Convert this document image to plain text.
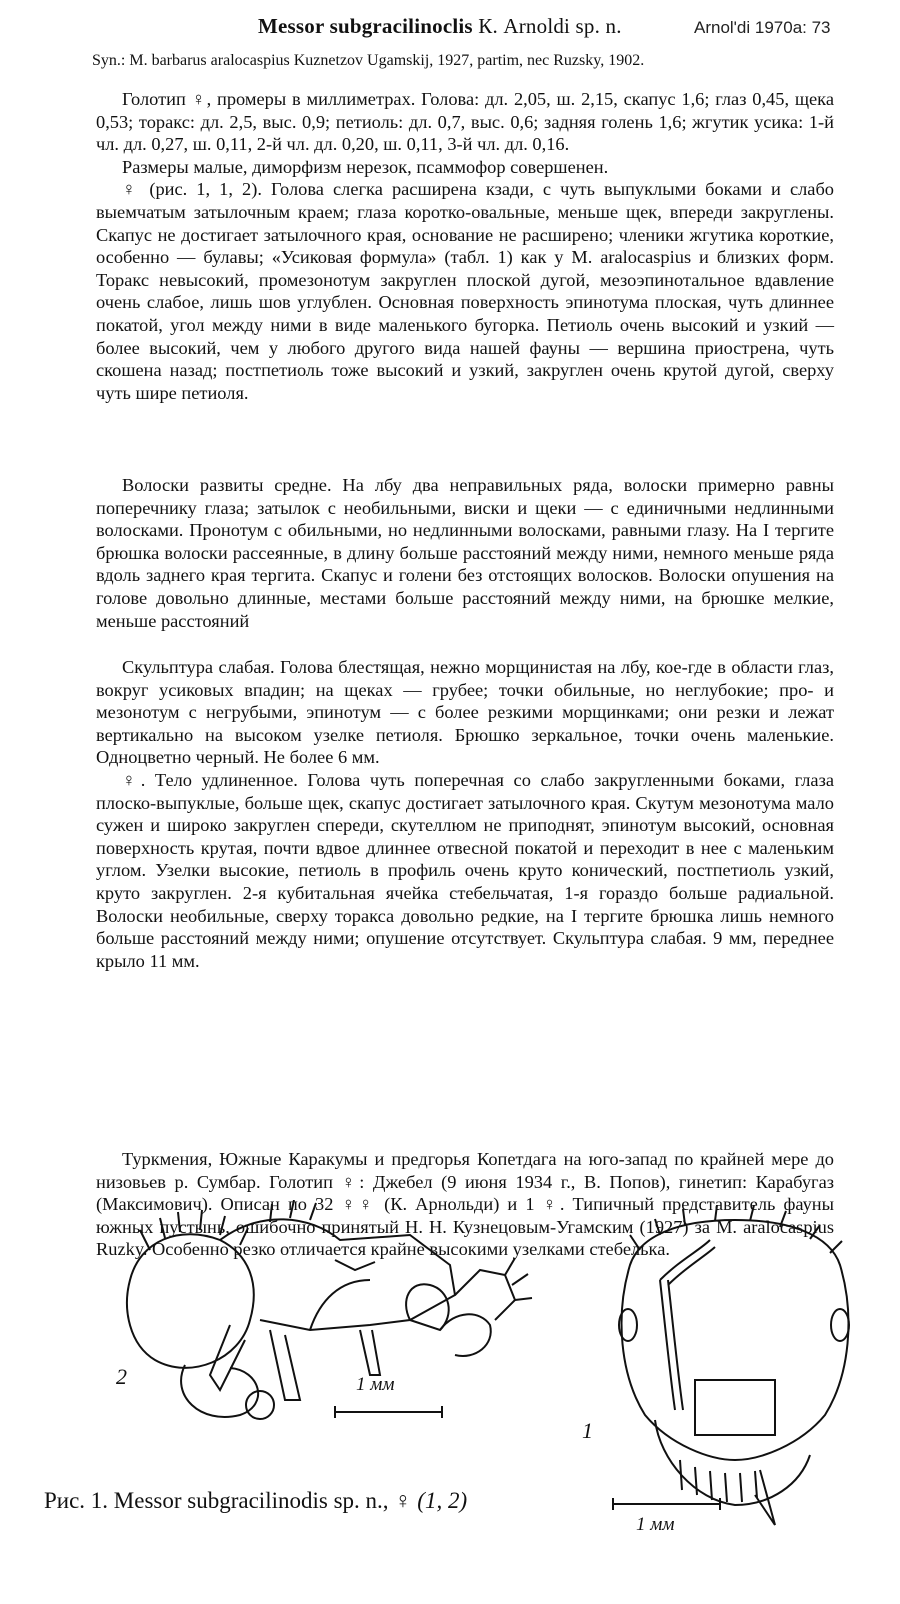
Messor subgracilinoclis К. Arnoldi sp. n.	Arnol'di 1970a: 73
Syn.: M. barbarus aralocaspius Kuznetzov Ugamskij, 1927, partim, nec Ruzsky, 1902.

Голотип ♀, промеры в миллиметрах. Голова: дл. 2,05, ш. 2,15, скапус 1,6; глаз 0,45, щека 0,53; торакс: дл. 2,5, выс. 0,9; петиоль: дл. 0,7, выс. 0,6; задняя голень 1,6; жгутик усика: 1-й чл. дл. 0,27, ш. 0,11, 2-й чл. дл. 0,20, ш. 0,11, 3-й чл. дл. 0,16.

Размеры малые, диморфизм нерезок, псаммофор совершенен.

♀ (рис. 1, 1, 2). Голова слегка расширена кзади, с чуть выпуклыми боками и слабо выемчатым затылочным краем; глаза коротко-овальные, меньше щек, впереди закруглены. Скапус не достигает затылочного края, основание не расширено; членики жгутика короткие, особенно — булавы; «Усиковая формула» (табл. 1) как у M. aralocaspius и близких форм. Торакс невысокий, промезонотум закруглен плоской дугой, мезоэпинотальное вдавление очень слабое, лишь шов углублен. Основная поверхность эпинотума плоская, чуть длиннее покатой, угол между ними в виде маленького бугорка. Петиоль очень высокий и узкий — более высокий, чем у любого другого вида нашей фауны — вершина приострена, чуть скошена назад; постпетиоль тоже высокий и узкий, закруглен очень крутой дугой, сверху чуть шире петиоля.

Волоски развиты средне. На лбу два неправильных ряда, волоски примерно равны поперечнику глаза; затылок с необильными, виски и щеки — с единичными недлинными волосками. Пронотум с обильными, но недлинными волосками, равными глазу. На I тергите брюшка волоски рассеянные, в длину больше расстояний между ними, немного меньше ряда вдоль заднего края тергита. Скапус и голени без отстоящих волосков. Волоски опушения на голове довольно длинные, местами больше расстояний между ними, на брюшке мелкие, меньше расстояний

Скульптура слабая. Голова блестящая, нежно морщинистая на лбу, кое-где в области глаз, вокруг усиковых впадин; на щеках — грубее; точки обильные, но неглубокие; про- и мезонотум с негрубыми, эпинотум — с более резкими морщинками; они резки и лежат вертикально на высоком узелке петиоля. Брюшко зеркальное, точки очень маленькие. Одноцветно черный. Не более 6 мм.

♀. Тело удлиненное. Голова чуть поперечная со слабо закругленными боками, глаза плоско-выпуклые, больше щек, скапус достигает затылочного края. Скутум мезонотума мало сужен и широко закруглен спереди, скутеллюм не приподнят, эпинотум высокий, основная поверхность крутая, почти вдвое длиннее отвесной покатой и переходит в нее с маленьким углом. Узелки высокие, петиоль в профиль очень круто конический, постпетиоль узкий, круто закруглен. 2-я кубитальная ячейка стебельчатая, 1-я гораздо больше радиальной. Волоски необильные, сверху торакса довольно редкие, на I тергите брюшка лишь немного больше расстояний между ними; опушение отсутствует. Скульптура слабая. 9 мм, переднее крыло 11 мм.

Туркмения, Южные Каракумы и предгорья Копетдага на юго-запад по крайней мере до низовьев р. Сумбар. Голотип ♀: Джебел (9 июня 1934 г., В. Попов), гинетип: Карабугаз (Максимович). Описан по 32 ♀♀ (К. Арнольди) и 1 ♀. Типичный представитель фауны южных пустынь, ошибочно принятый Н. Н. Кузнецовым-Угамским (1927) за M. aralocaspius Ruzky. Особенно резко отличается крайне высокими узелками стебелька.

2	1 мм
1
1 мм
Рис. 1. Messor subgracilinodis sp. n., ♀ (1, 2)
